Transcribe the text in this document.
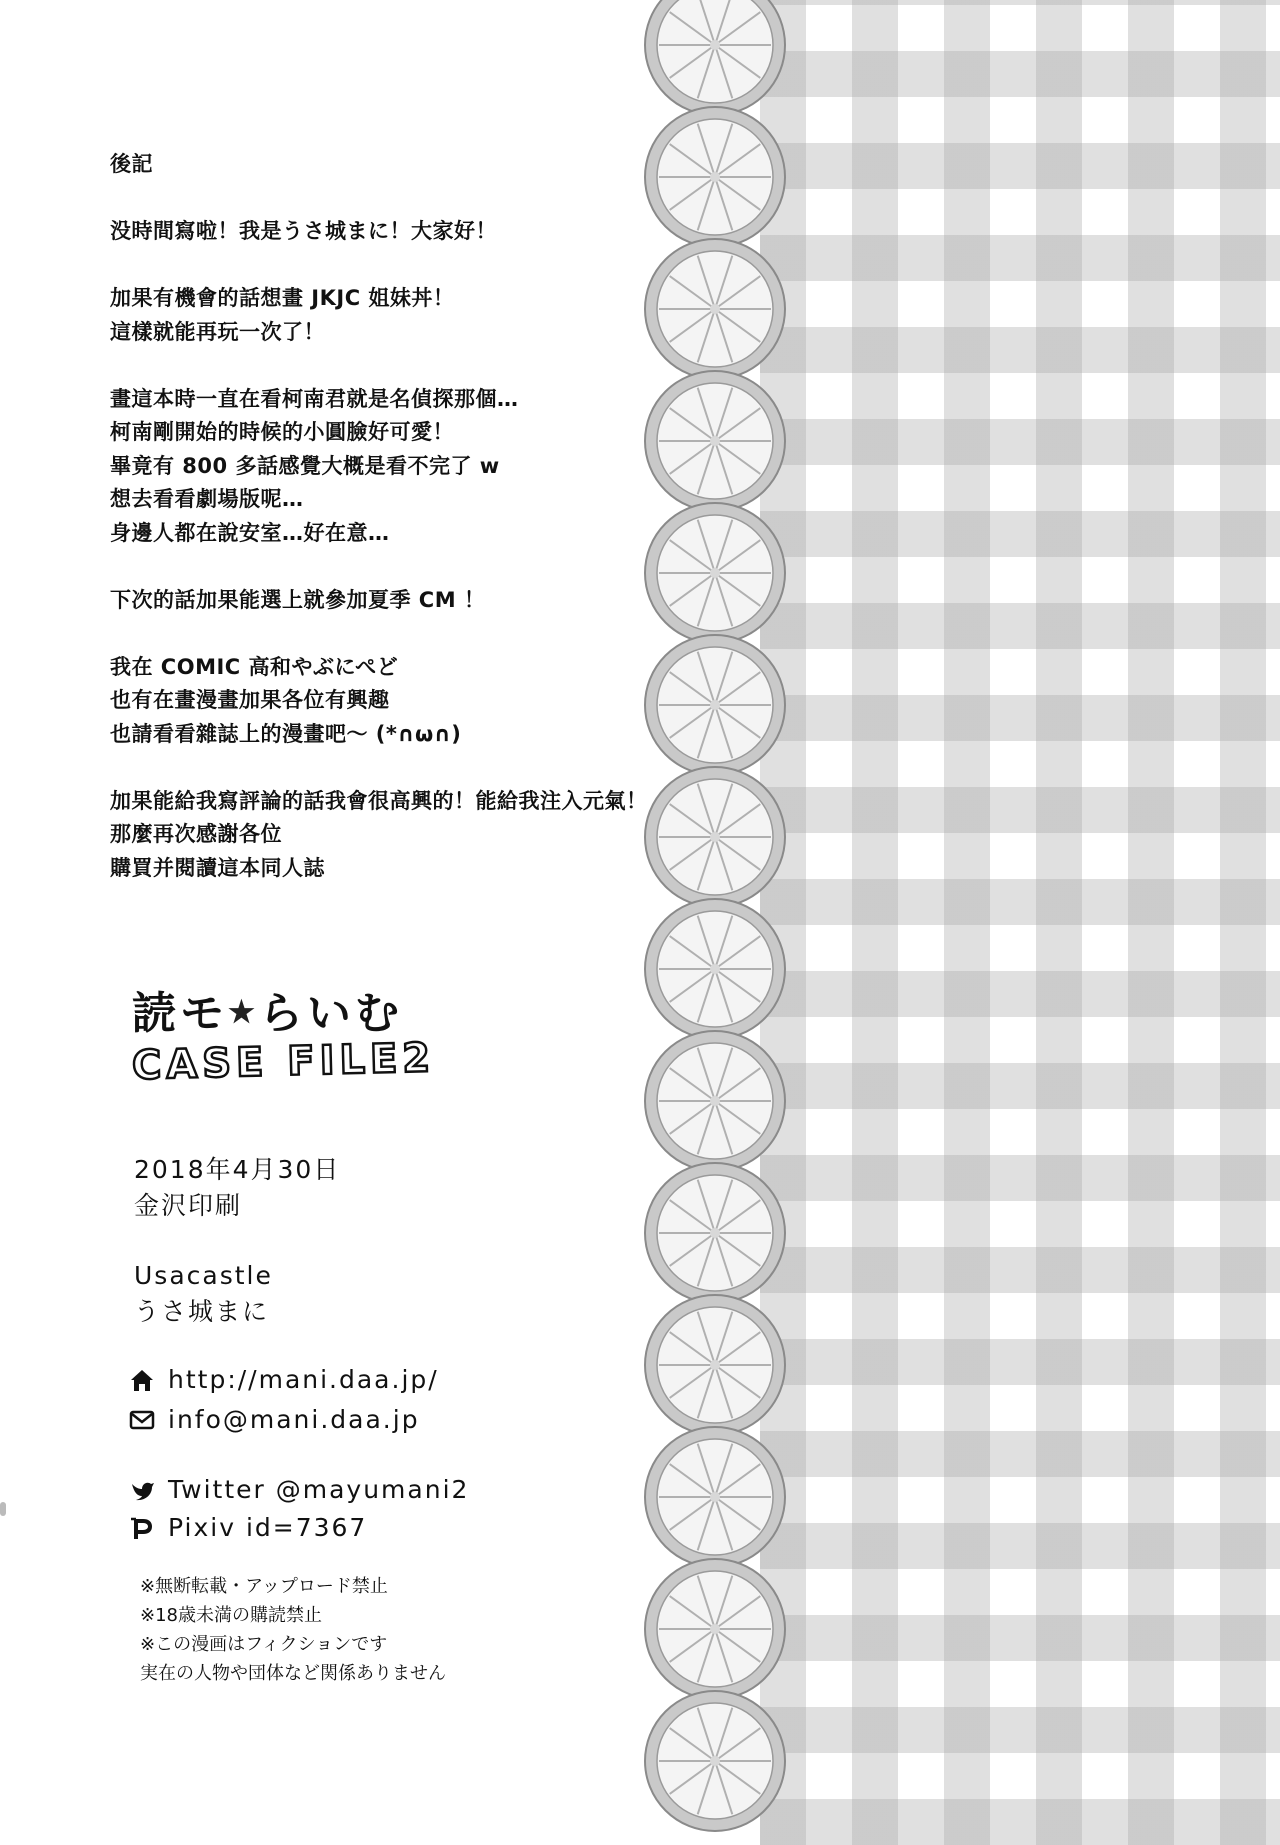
後記
没時間寫啦！我是うさ城まに！大家好！
加果有機會的話想畫 JKJC 姐妹丼！
這樣就能再玩一次了！
畫這本時一直在看柯南君就是名偵探那個…
柯南剛開始的時候的小圓臉好可愛！
畢竟有 800 多話感覺大概是看不完了 w
想去看看劇場版呢…
身邊人都在說安室…好在意…
下次的話加果能選上就參加夏季 CM ！
我在 COMIC 高和やぶにぺど
也有在畫漫畫加果各位有興趣
也請看看雜誌上的漫畫吧～ (*∩ω∩)
加果能給我寫評論的話我會很高興的！能給我注入元氣！
那麼再次感謝各位
購買并閱讀這本同人誌
読モ★らいむ
CASE FILE2
2018年4月30日
金沢印刷
Usacastle
うさ城まに
http://mani.daa.jp/
info@mani.daa.jp
Twitter @mayumani2
Pixiv id=7367
※無断転載・アップロード禁止
※18歳未満の購読禁止
※この漫画はフィクションです
実在の人物や団体など関係ありません
